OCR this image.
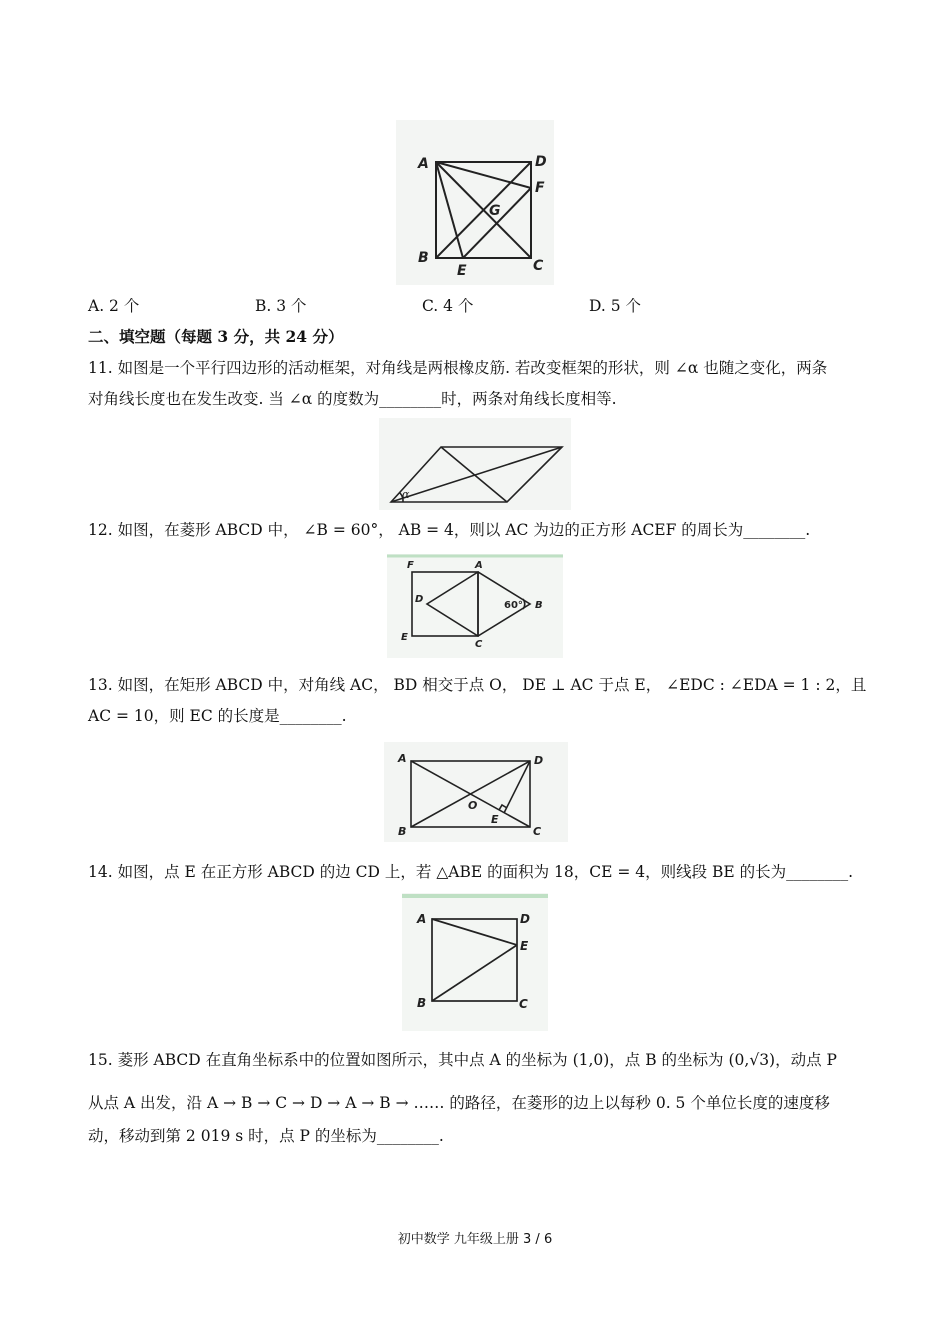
A	D
F
G
B
E	C
A. 2 个	B. 3 个	C. 4 个	D. 5 个
二、填空题（每题 3 分，共 24 分）
11. 如图是一个平行四边形的活动框架，对角线是两根橡皮筋. 若改变框架的形状，则 ∠α 也随之变化，两条
对角线长度也在发生改变. 当 ∠α 的度数为________时，两条对角线长度相等.
α
12. 如图，在菱形 ABCD 中， ∠B = 60°， AB = 4，则以 AC 为边的正方形 ACEF 的周长为________.
F	A
D
B
E
C
60°
13. 如图，在矩形 ABCD 中，对角线 AC， BD 相交于点 O， DE ⊥ AC 于点 E， ∠EDC : ∠EDA = 1 : 2，且
AC = 10，则 EC 的长度是________.
A	D
O
E
B	C
14. 如图，点 E 在正方形 ABCD 的边 CD 上，若 △ABE 的面积为 18，CE = 4，则线段 BE 的长为________.
A	D
E
B	C
15. 菱形 ABCD 在直角坐标系中的位置如图所示，其中点 A 的坐标为 (1,0)，点 B 的坐标为 (0,√3)，动点 P
从点 A 出发，沿 A → B → C → D → A → B → …… 的路径，在菱形的边上以每秒 0. 5 个单位长度的速度移
动，移动到第 2 019 s 时，点 P 的坐标为________.
初中数学 九年级上册 3 / 6
